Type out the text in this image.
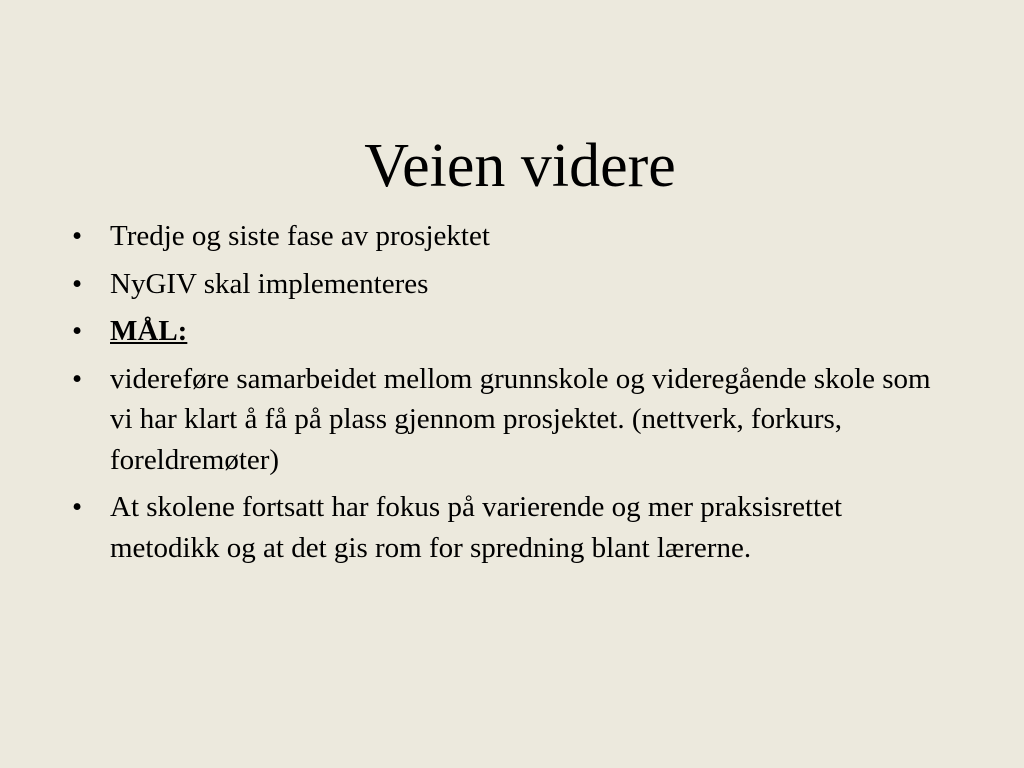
Veien videre
• Tredje og siste fase av prosjektet
• NyGIV skal implementeres
• MÅL:
• videreføre samarbeidet mellom grunnskole og videregående skole som vi har klart å få på plass gjennom prosjektet. (nettverk, forkurs, foreldremøter)
• At skolene fortsatt har fokus på varierende og mer praksisrettet metodikk og at det gis rom for spredning blant lærerne.
